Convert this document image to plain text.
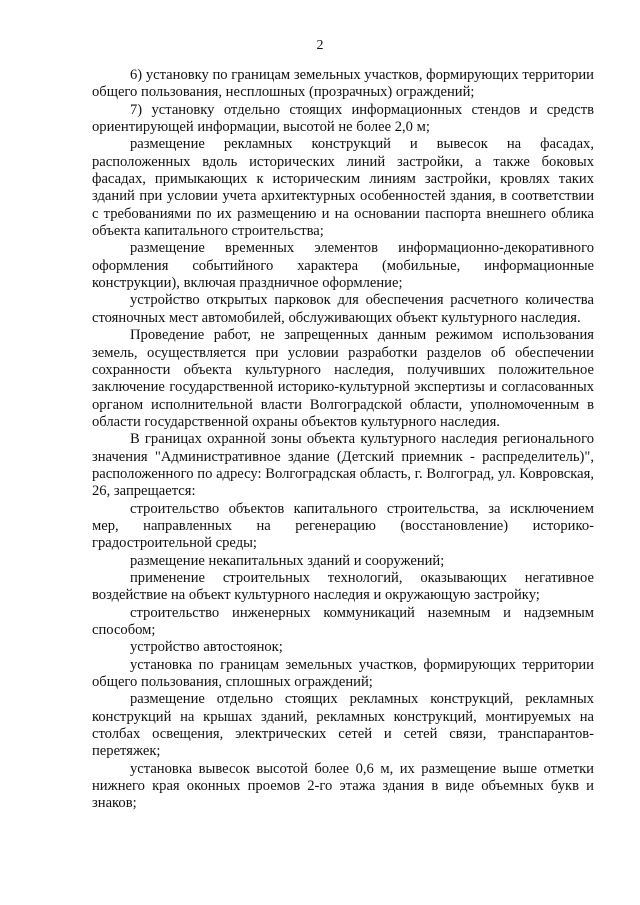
2

6) установку по границам земельных участков, формирующих территории общего пользования, несплошных (прозрачных) ограждений;

7) установку отдельно стоящих информационных стендов и средств ориентирующей информации, высотой не более 2,0 м;

размещение рекламных конструкций и вывесок на фасадах, расположенных вдоль исторических линий застройки, а также боковых фасадах, примыкающих к историческим линиям застройки, кровлях таких зданий при условии учета архитектурных особенностей здания, в соответствии с требованиями по их размещению и на основании паспорта внешнего облика объекта капитального строительства;

размещение временных элементов информационно-декоративного оформления событийного характера (мобильные, информационные конструкции), включая праздничное оформление;

устройство открытых парковок для обеспечения расчетного количества стояночных мест автомобилей, обслуживающих объект культурного наследия.

Проведение работ, не запрещенных данным режимом использования земель, осуществляется при условии разработки разделов об обеспечении сохранности объекта культурного наследия, получивших положительное заключение государственной историко-культурной экспертизы и согласованных органом исполнительной власти Волгоградской области, уполномоченным в области государственной охраны объектов культурного наследия.

В границах охранной зоны объекта культурного наследия регионального значения "Административное здание (Детский приемник - распределитель)", расположенного по адресу: Волгоградская область, г. Волгоград, ул. Ковровская, 26, запрещается:

строительство объектов капитального строительства, за исключением мер, направленных на регенерацию (восстановление) историко-градостроительной среды;

размещение некапитальных зданий и сооружений;

применение строительных технологий, оказывающих негативное воздействие на объект культурного наследия и окружающую застройку;

строительство инженерных коммуникаций наземным и надземным способом;

устройство автостоянок;

установка по границам земельных участков, формирующих территории общего пользования, сплошных ограждений;

размещение отдельно стоящих рекламных конструкций, рекламных конструкций на крышах зданий, рекламных конструкций, монтируемых на столбах освещения, электрических сетей и сетей связи, транспарантов-перетяжек;

установка вывесок высотой более 0,6 м, их размещение выше отметки нижнего края оконных проемов 2-го этажа здания в виде объемных букв и знаков;
